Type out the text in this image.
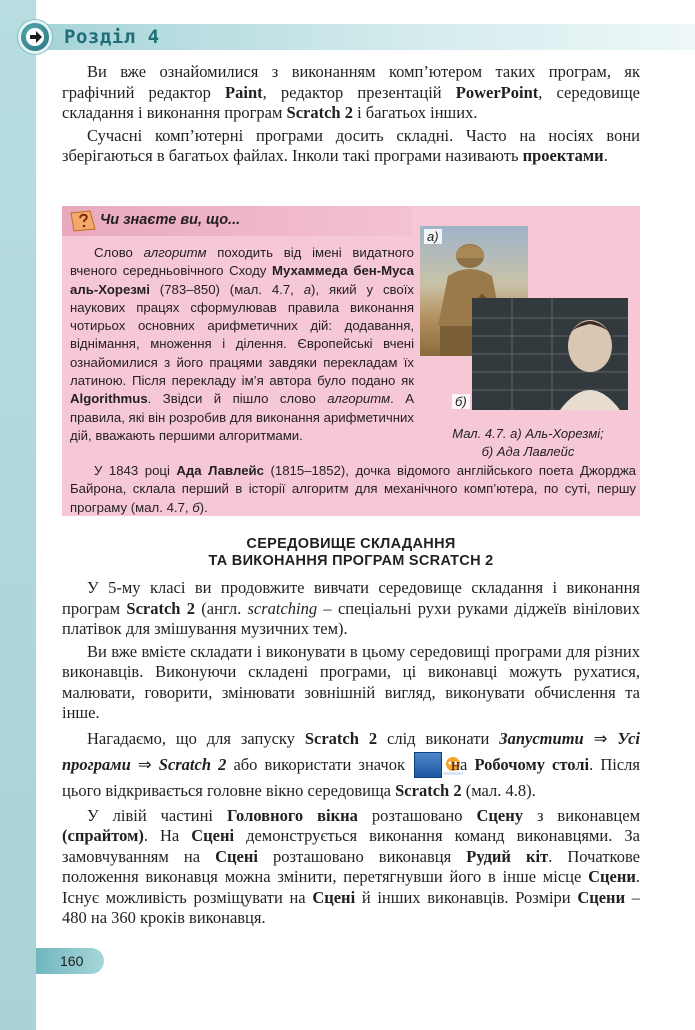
Розділ 4

Ви вже ознайомилися з виконанням комп’ютером таких програм, як графічний редактор Paint, редактор презентацій PowerPoint, середовище складання і виконання програм Scratch 2 і багатьох інших.

Сучасні комп’ютерні програми досить складні. Часто на носіях вони зберігаються в багатьох файлах. Інколи такі програми називають проектами.

Чи знаєте ви, що...
Слово алгоритм походить від імені видатного вченого середньовічного Сходу Мухаммеда бен-Муса аль-Хорезмі (783–850) (мал. 4.7, а), який у своїх наукових працях сформулював правила виконання чотирьох основних арифметичних дій: додавання, віднімання, множення і ділення. Європейські вчені ознайомилися з його працями завдяки перекладам їх латиною. Після перекладу ім’я автора було подано як Algorithmus. Звідси й пішло слово алгоритм. А правила, які він розробив для виконання арифметичних дій, вважають першими алгоритмами.
У 1843 році Ада Лавлейс (1815–1852), дочка відомого англійського поета Джорджа Байрона, склала перший в історії алгоритм для механічного комп’ютера, по суті, першу програму (мал. 4.7, б).
а)
б)
Мал. 4.7. а) Аль-Хорезмі;
б) Ада Лавлейс
СЕРЕДОВИЩЕ СКЛАДАННЯ
ТА ВИКОНАННЯ ПРОГРАМ SCRATCH 2

У 5-му класі ви продовжите вивчати середовище складання і виконання програм Scratch 2 (англ. scratching – спеціальні рухи руками діджеїв вінілових платівок для змішування музичних тем).

Ви вже вмієте складати і виконувати в цьому середовищі програми для різних виконавців. Виконуючи складені програми, ці виконавці можуть рухатися, малювати, говорити, змінювати зовнішній вигляд, виконувати обчислення та інше.

Нагадаємо, що для запуску Scratch 2 слід виконати Запустити ⇒ Усі програми ⇒ Scratch 2 або використати значок  на Робочому столі. Після цього відкривається головне вікно середовища Scratch 2 (мал. 4.8).

У лівій частині Головного вікна розташовано Сцену з виконавцем (спрайтом). На Сцені демонструється виконання команд виконавцями. За замовчуванням на Сцені розташовано виконавця Рудий кіт. Початкове положення виконавця можна змінити, перетягнувши його в інше місце Сцени. Існує можливість розміщувати на Сцені й інших виконавців. Розміри Сцени – 480 на 360 кроків виконавця.

160
